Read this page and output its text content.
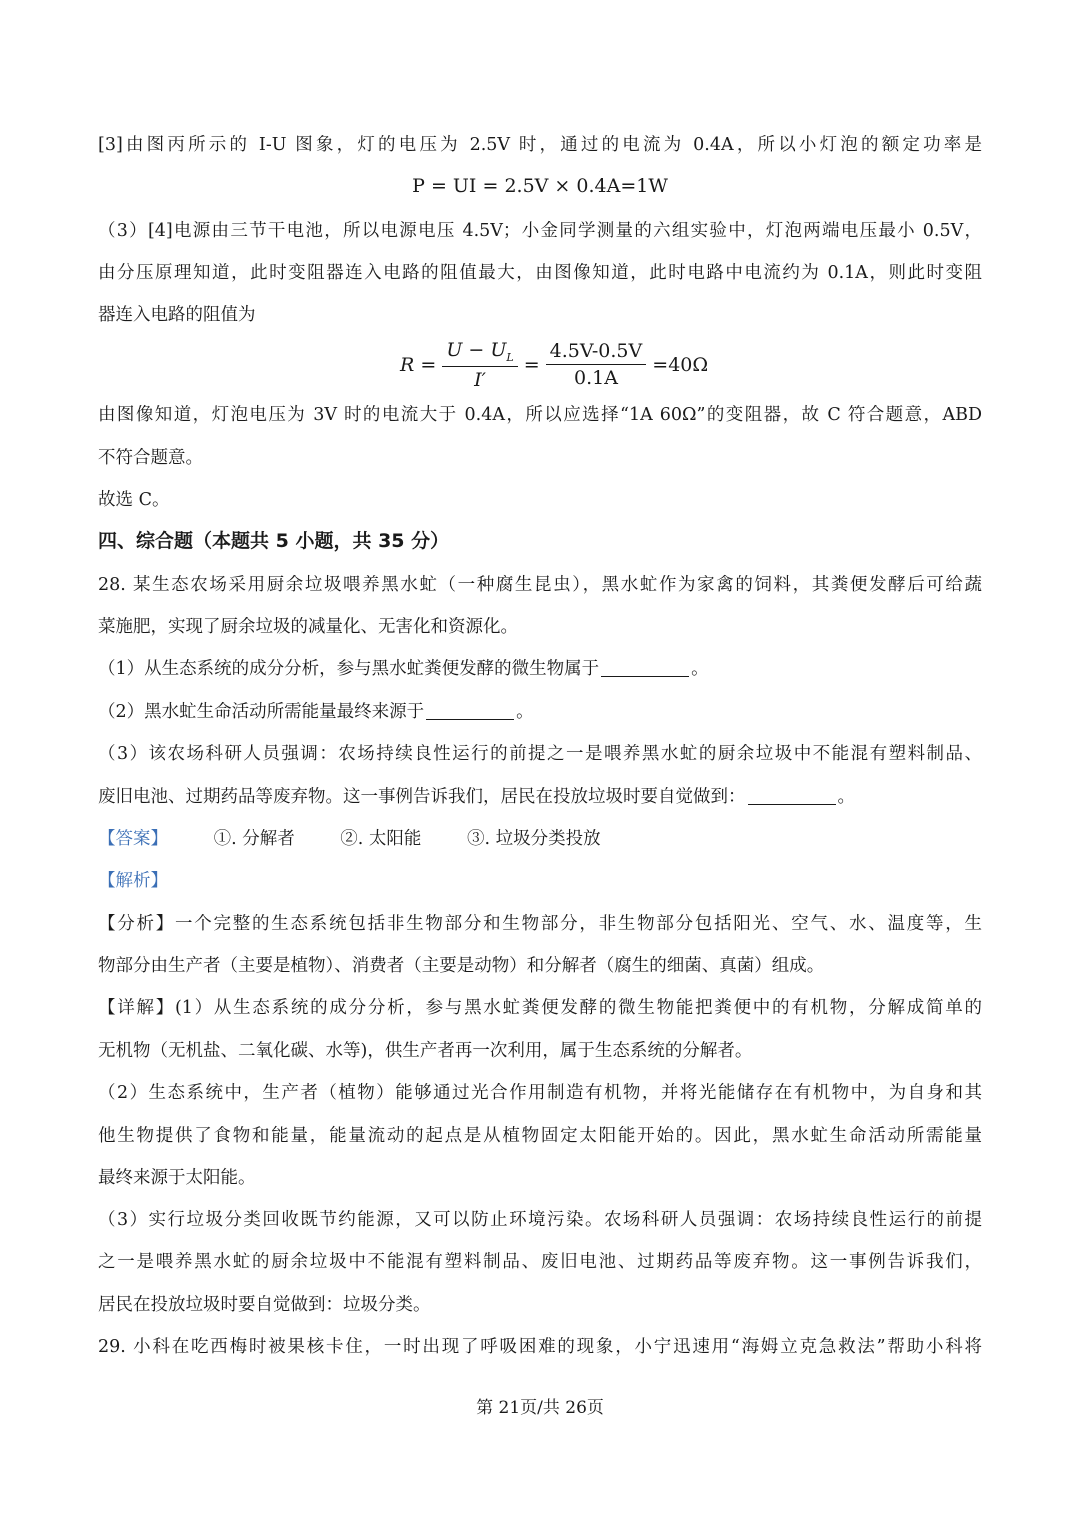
[3]由图丙所示的 I-U 图象，灯的电压为 2.5V 时，通过的电流为 0.4A，所以小灯泡的额定功率是
P = UI = 2.5V × 0.4A=1W
（3）[4]电源由三节干电池，所以电源电压 4.5V；小金同学测量的六组实验中，灯泡两端电压最小 0.5V，
由分压原理知道，此时变阻器连入电路的阻值最大，由图像知道，此时电路中电流约为 0.1A，则此时变阻
器连入电路的阻值为
$R = \frac{U - U_L}{I'} = \frac{4.5V-0.5V}{0.1A} =40\Omega$
由图像知道，灯泡电压为 3V 时的电流大于 0.4A，所以应选择“1A 60Ω”的变阻器，故 C 符合题意，ABD
不符合题意。
故选 C。
四、综合题（本题共 5 小题，共 35 分）
28. 某生态农场采用厨余垃圾喂养黑水虻（一种腐生昆虫），黑水虻作为家禽的饲料，其粪便发酵后可给蔬
菜施肥，实现了厨余垃圾的减量化、无害化和资源化。
（1）从生态系统的成分分析，参与黑水虻粪便发酵的微生物属于	。
（2）黑水虻生命活动所需能量最终来源于	。
（3）该农场科研人员强调：农场持续良性运行的前提之一是喂养黑水虻的厨余垃圾中不能混有塑料制品、
废旧电池、过期药品等废弃物。这一事例告诉我们，居民在投放垃圾时要自觉做到：	。
【答案】	①. 分解者	②. 太阳能	③. 垃圾分类投放
【解析】
【分析】一个完整的生态系统包括非生物部分和生物部分，非生物部分包括阳光、空气、水、温度等，生
物部分由生产者（主要是植物）、消费者（主要是动物）和分解者（腐生的细菌、真菌）组成。
【详解】(1）从生态系统的成分分析，参与黑水虻粪便发酵的微生物能把粪便中的有机物，分解成简单的
无机物（无机盐、二氧化碳、水等)，供生产者再一次利用，属于生态系统的分解者。
（2）生态系统中，生产者（植物）能够通过光合作用制造有机物，并将光能储存在有机物中，为自身和其
他生物提供了食物和能量，能量流动的起点是从植物固定太阳能开始的。因此，黑水虻生命活动所需能量
最终来源于太阳能。
（3）实行垃圾分类回收既节约能源，又可以防止环境污染。农场科研人员强调：农场持续良性运行的前提
之一是喂养黑水虻的厨余垃圾中不能混有塑料制品、废旧电池、过期药品等废弃物。这一事例告诉我们，
居民在投放垃圾时要自觉做到：垃圾分类。
29. 小科在吃西梅时被果核卡住，一时出现了呼吸困难的现象，小宁迅速用“海姆立克急救法”帮助小科将
第 21页/共 26页
